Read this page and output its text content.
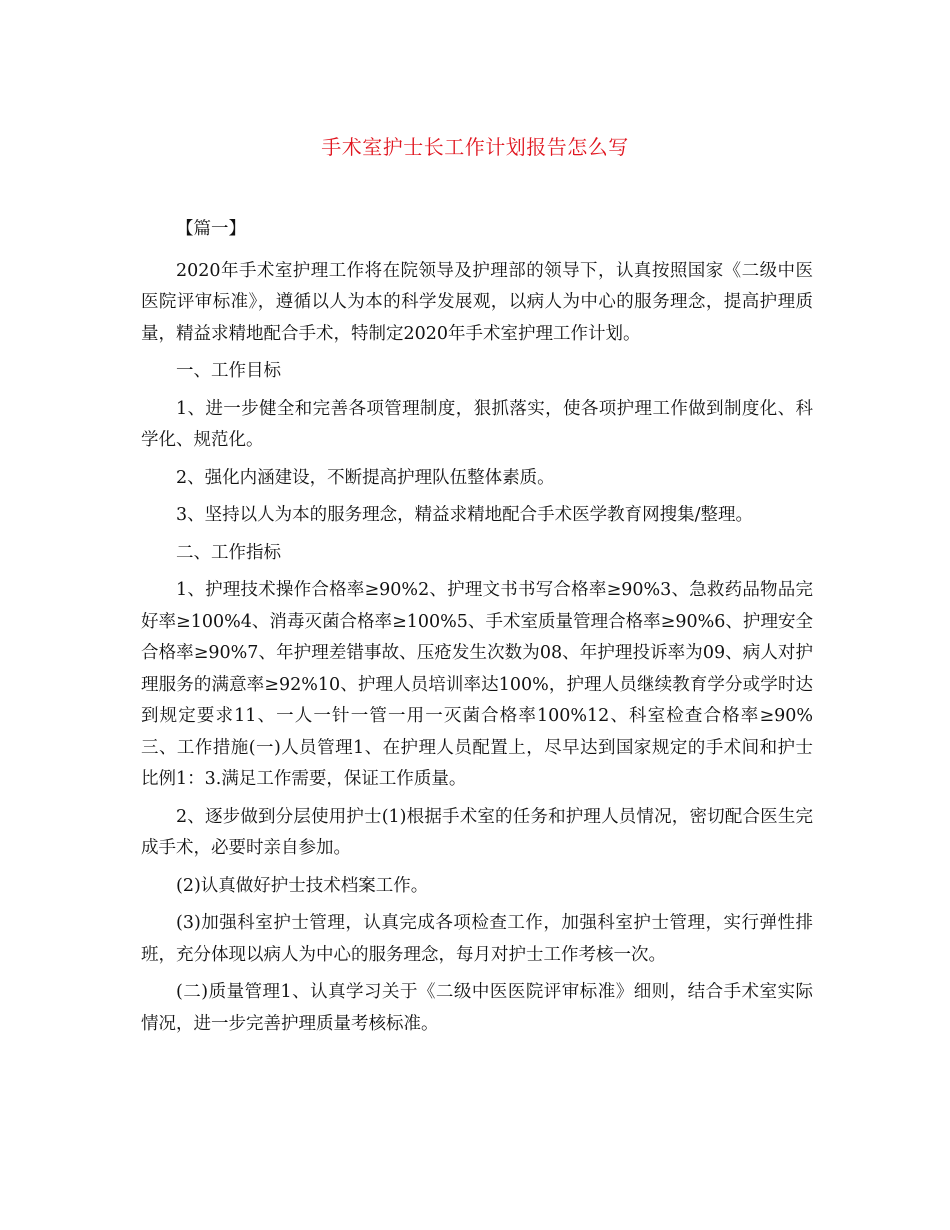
手术室护士长工作计划报告怎么写

【篇一】

2020年手术室护理工作将在院领导及护理部的领导下，认真按照国家《二级中医医院评审标准》，遵循以人为本的科学发展观，以病人为中心的服务理念，提高护理质量，精益求精地配合手术，特制定2020年手术室护理工作计划。

一、工作目标

1、进一步健全和完善各项管理制度，狠抓落实，使各项护理工作做到制度化、科学化、规范化。

2、强化内涵建设，不断提高护理队伍整体素质。

3、坚持以人为本的服务理念，精益求精地配合手术医学教育网搜集/整理。

二、工作指标

1、护理技术操作合格率≥90%2、护理文书书写合格率≥90%3、急救药品物品完好率≥100%4、消毒灭菌合格率≥100%5、手术室质量管理合格率≥90%6、护理安全合格率≥90%7、年护理差错事故、压疮发生次数为08、年护理投诉率为09、病人对护理服务的满意率≥92%10、护理人员培训率达100%，护理人员继续教育学分或学时达到规定要求11、一人一针一管一用一灭菌合格率100%12、科室检查合格率≥90%三、工作措施(一)人员管理1、在护理人员配置上，尽早达到国家规定的手术间和护士比例1：3.满足工作需要，保证工作质量。

2、逐步做到分层使用护士(1)根据手术室的任务和护理人员情况，密切配合医生完成手术，必要时亲自参加。

(2)认真做好护士技术档案工作。

(3)加强科室护士管理，认真完成各项检查工作，加强科室护士管理，实行弹性排班，充分体现以病人为中心的服务理念，每月对护士工作考核一次。

(二)质量管理1、认真学习关于《二级中医医院评审标准》细则，结合手术室实际情况，进一步完善护理质量考核标准。
